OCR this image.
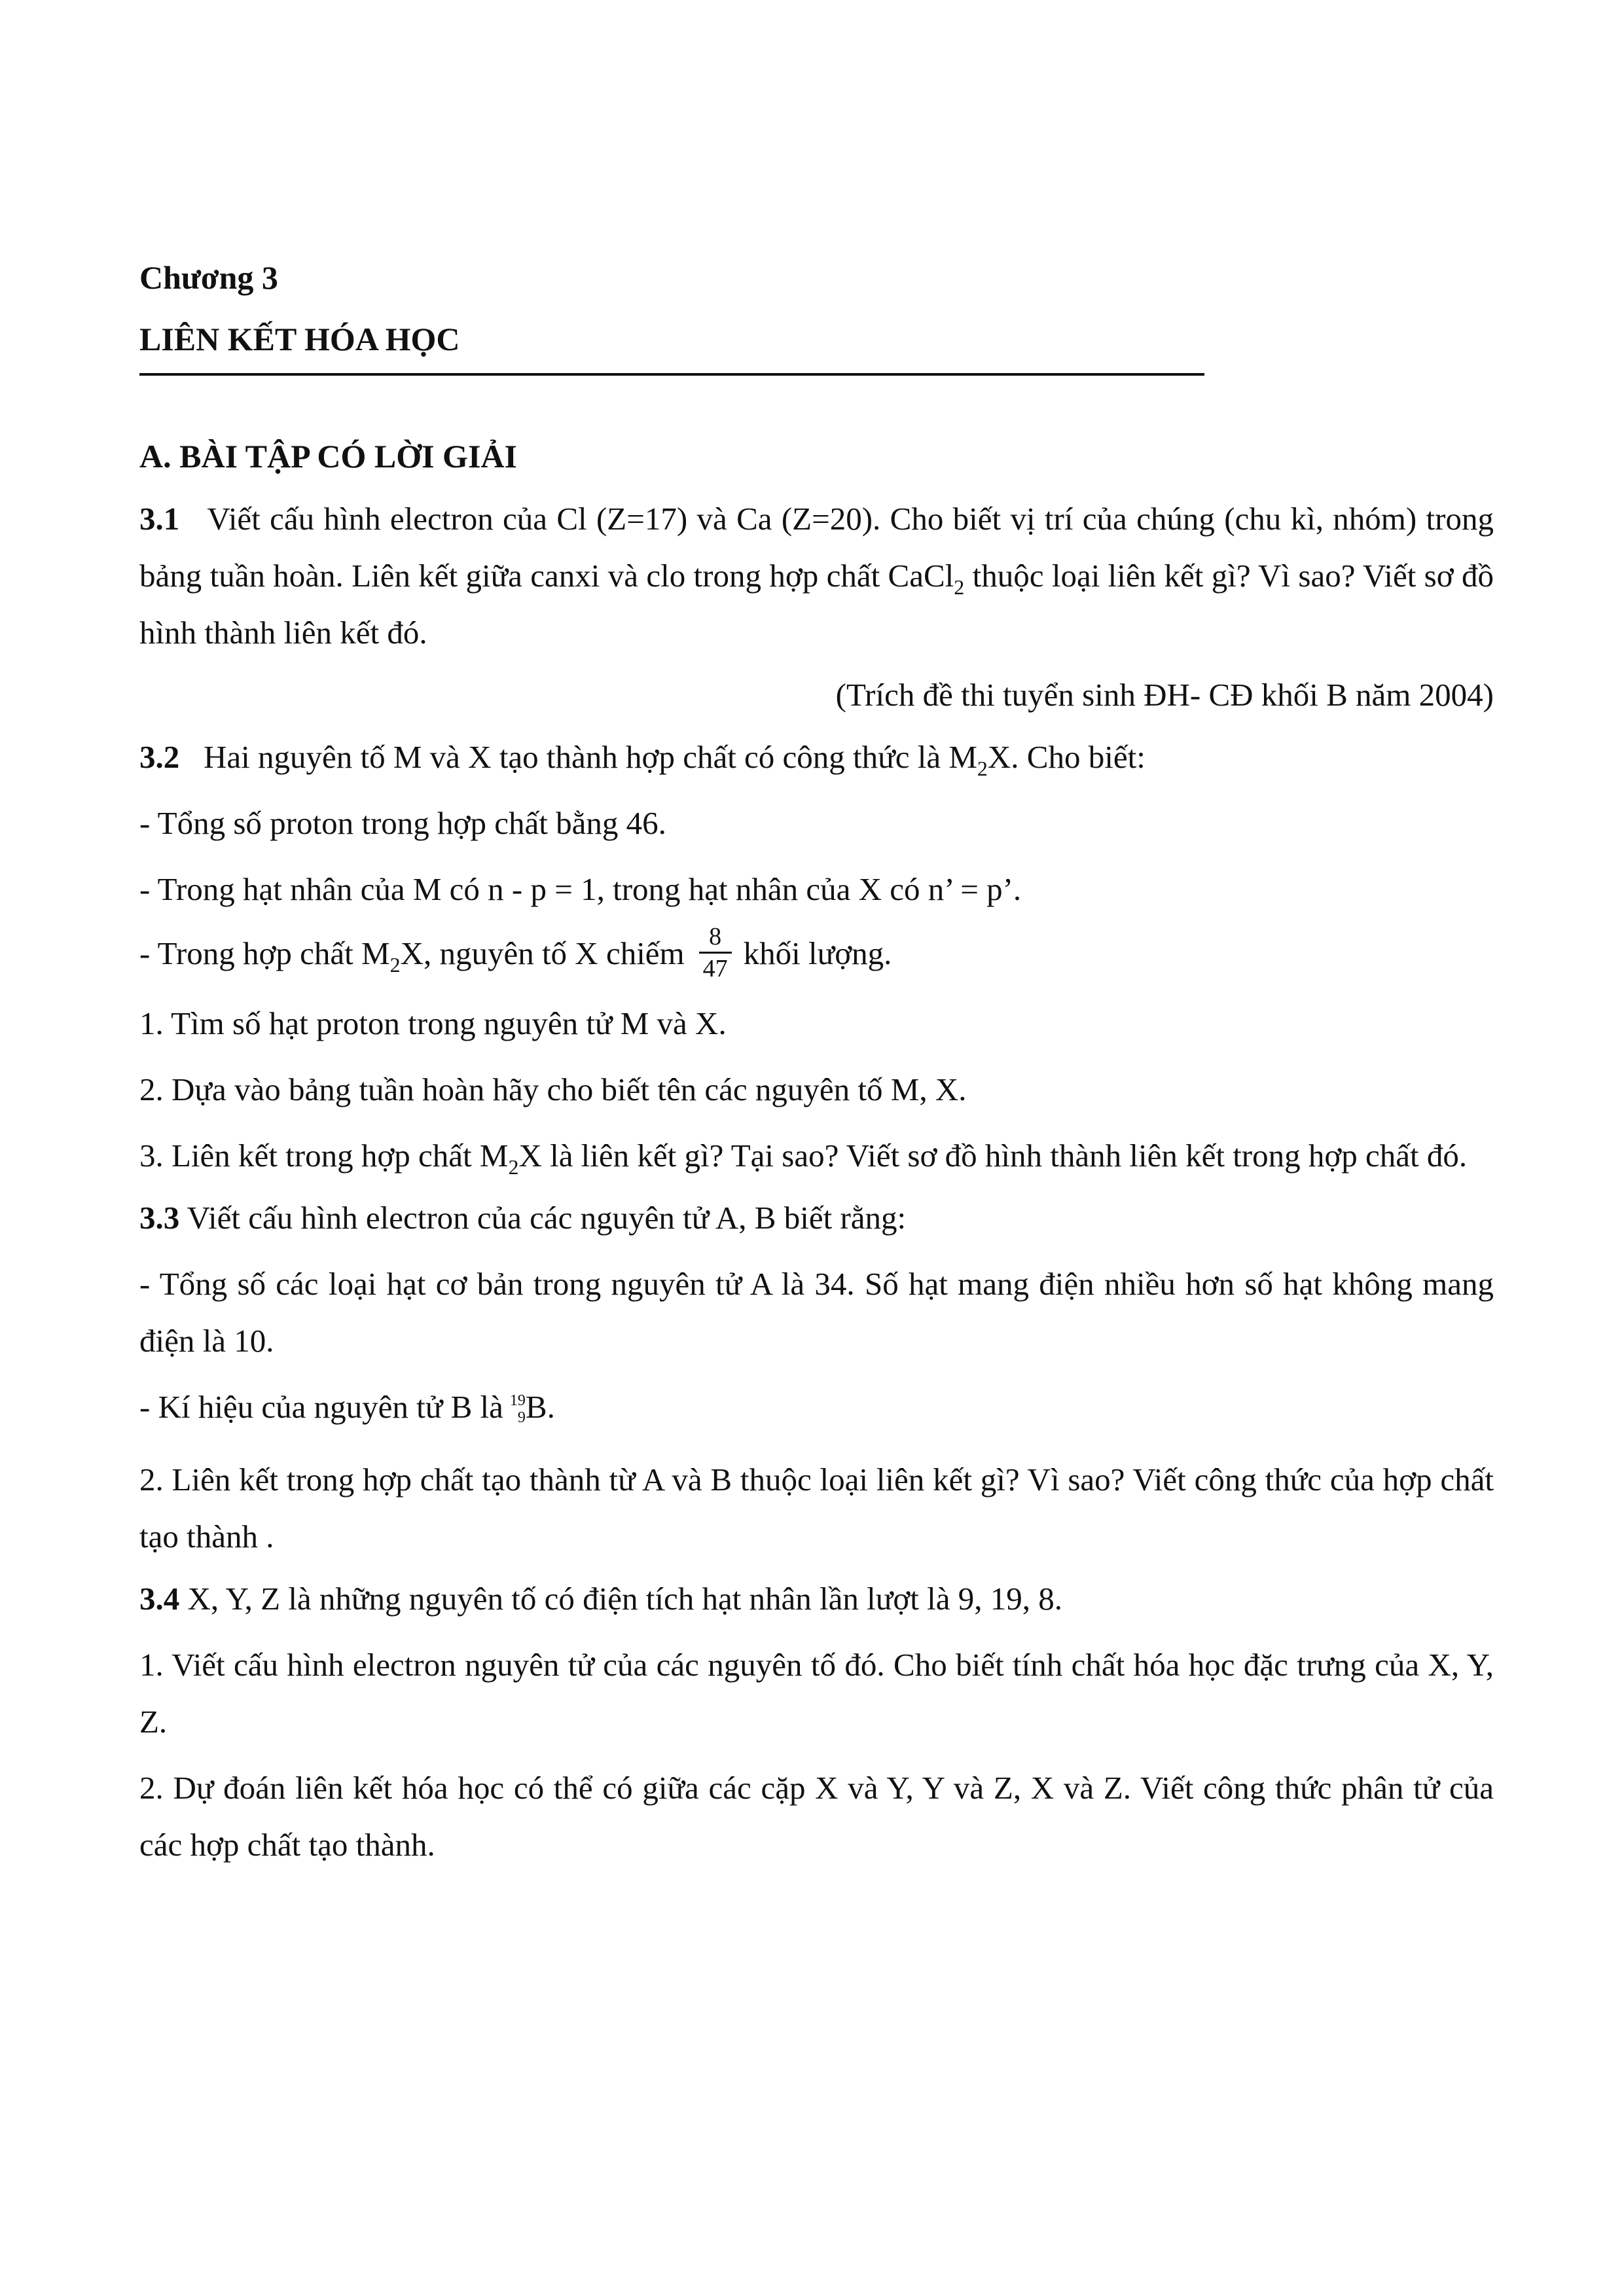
Chương 3

LIÊN KẾT HÓA HỌC

A. BÀI TẬP CÓ LỜI GIẢI

3.1 Viết cấu hình electron của Cl (Z=17) và Ca (Z=20). Cho biết vị trí của chúng (chu kì, nhóm) trong bảng tuần hoàn. Liên kết giữa canxi và clo trong hợp chất CaCl$_2$ thuộc loại liên kết gì? Vì sao? Viết sơ đồ hình thành liên kết đó.

(Trích đề thi tuyển sinh ĐH- CĐ khối B năm 2004)

3.2 Hai nguyên tố M và X tạo thành hợp chất có công thức là $M_2X$. Cho biết:

- Tổng số proton trong hợp chất bằng 46.

- Trong hạt nhân của M có n - p = 1, trong hạt nhân của X có n’ = p’.

- Trong hợp chất $M_2X$, nguyên tố X chiếm $\frac{8}{47}$ khối lượng.

1. Tìm số hạt proton trong nguyên tử M và X.

2. Dựa vào bảng tuần hoàn hãy cho biết tên các nguyên tố M, X.

3. Liên kết trong hợp chất $M_2X$ là liên kết gì? Tại sao? Viết sơ đồ hình thành liên kết trong hợp chất đó.

3.3 Viết cấu hình electron của các nguyên tử A, B biết rằng:

- Tổng số các loại hạt cơ bản trong nguyên tử A là 34. Số hạt mang điện nhiều hơn số hạt không mang điện là 10.

- Kí hiệu của nguyên tử B là 19
9 B.

2. Liên kết trong hợp chất tạo thành từ A và B thuộc loại liên kết gì? Vì sao? Viết công thức của hợp chất tạo thành .

3.4 X, Y, Z là những nguyên tố có điện tích hạt nhân lần lượt là 9, 19, 8.

1. Viết cấu hình electron nguyên tử của các nguyên tố đó. Cho biết tính chất hóa học đặc trưng của X, Y, Z.

2. Dự đoán liên kết hóa học có thể có giữa các cặp X và Y, Y và Z, X và Z. Viết công thức phân tử của các hợp chất tạo thành.
